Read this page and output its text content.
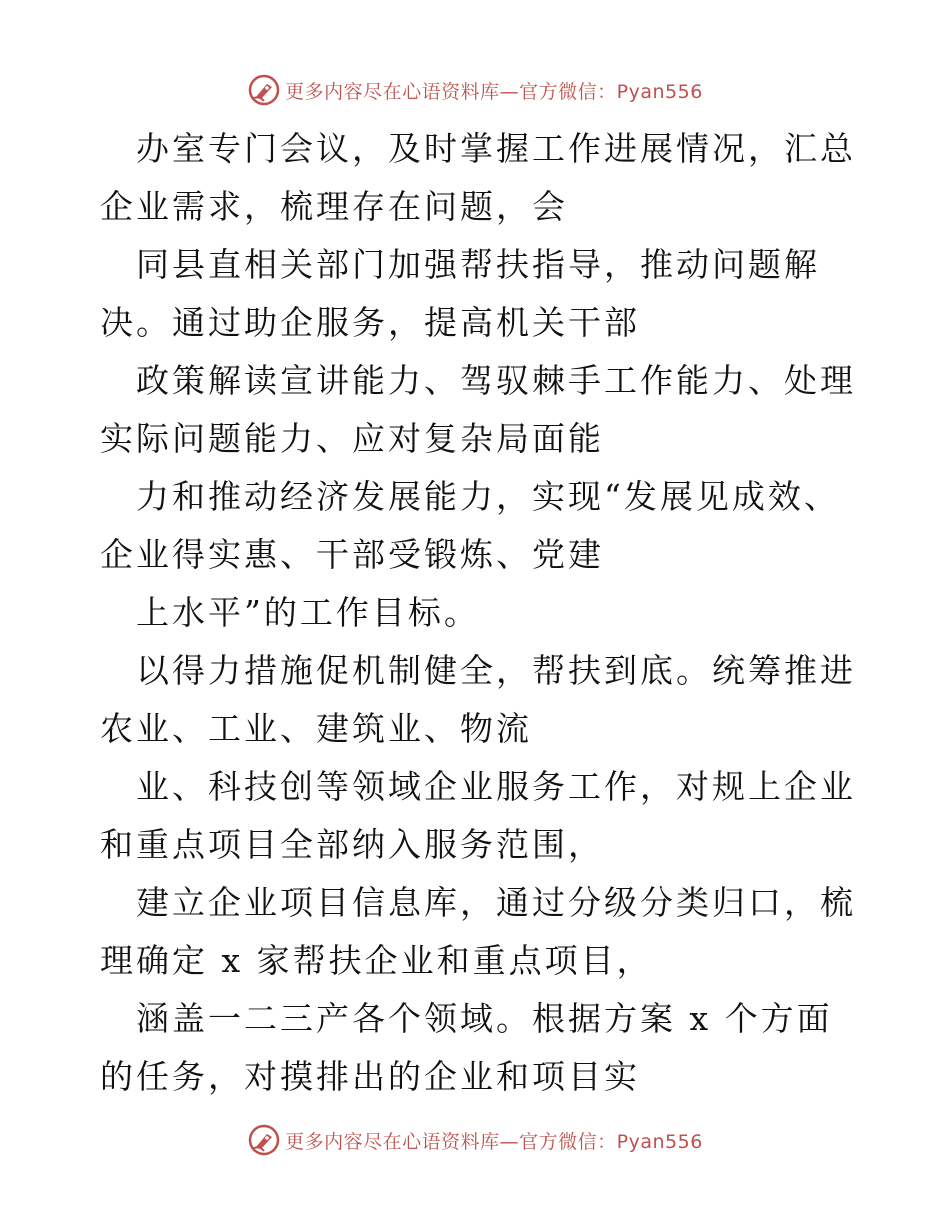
更多内容尽在心语资料库—官方微信：Pyan556

办室专门会议，及时掌握工作进展情况，汇总企业需求，梳理存在问题，会

同县直相关部门加强帮扶指导，推动问题解决。通过助企服务，提高机关干部

政策解读宣讲能力、驾驭棘手工作能力、处理实际问题能力、应对复杂局面能

力和推动经济发展能力，实现“发展见成效、企业得实惠、干部受锻炼、党建

上水平”的工作目标。

以得力措施促机制健全，帮扶到底。统筹推进农业、工业、建筑业、物流

业、科技创等领域企业服务工作，对规上企业和重点项目全部纳入服务范围，

建立企业项目信息库，通过分级分类归口，梳理确定 x 家帮扶企业和重点项目，

涵盖一二三产各个领域。根据方案 x 个方面的任务，对摸排出的企业和项目实

更多内容尽在心语资料库—官方微信：Pyan556
